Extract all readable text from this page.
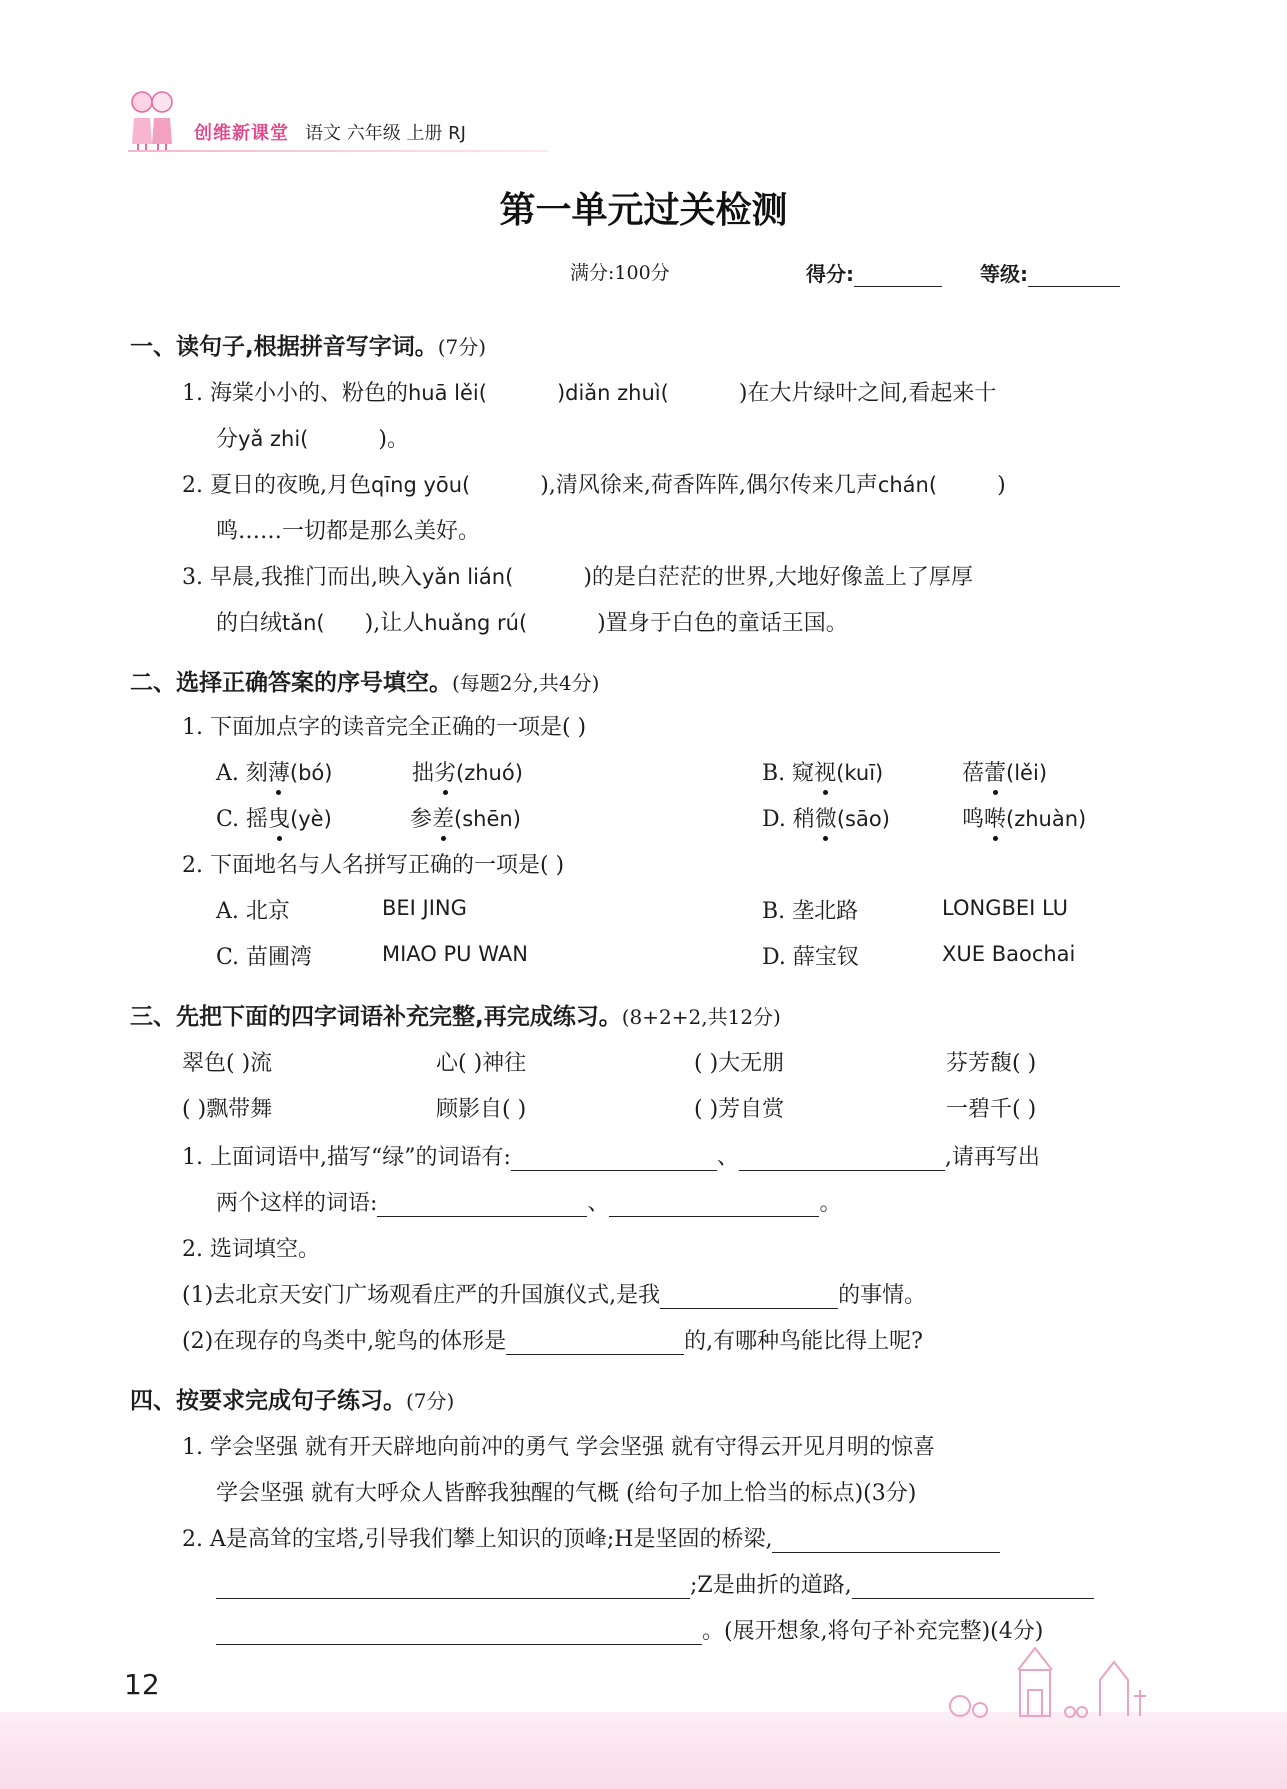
创维新课堂 语文 六年级 上册 RJ
第一单元过关检测
满分:100分	得分:	等级:
一、读句子,根据拼音写字词。(7分)
1. 海棠小小的、粉色的huā lěi(	)diǎn zhuì(	)在大片绿叶之间,看起来十
分yǎ zhi(	)。
2. 夏日的夜晚,月色qīng yōu(	),清风徐来,荷香阵阵,偶尔传来几声chán(	)
鸣……一切都是那么美好。
3. 早晨,我推门而出,映入yǎn lián(	)的是白茫茫的世界,大地好像盖上了厚厚
的白绒tǎn( ),让人huǎng rú(	)置身于白色的童话王国。
二、选择正确答案的序号填空。(每题2分,共4分)
1. 下面加点字的读音完全正确的一项是( )
A. 刻薄(bó)	拙劣(zhuó)	B. 窥视(kuī)	蓓蕾(lěi)
C. 摇曳(yè)	参差(shēn)	D. 稍微(sāo)	鸣啭(zhuàn)
2. 下面地名与人名拼写正确的一项是( )
A. 北京	BEI JING	B. 垄北路	LONGBEI LU
C. 苗圃湾	MIAO PU WAN	D. 薛宝钗	XUE Baochai
三、先把下面的四字词语补充完整,再完成练习。(8+2+2,共12分)
翠色( )流	心( )神往	( )大无朋	芬芳馥( )
( )飘带舞	顾影自( )	( )芳自赏	一碧千( )
1. 上面词语中,描写“绿”的词语有:	、	,请再写出
两个这样的词语:	、	。
2. 选词填空。
(1)去北京天安门广场观看庄严的升国旗仪式,是我	的事情。
(2)在现存的鸟类中,鸵鸟的体形是	的,有哪种鸟能比得上呢?
四、按要求完成句子练习。(7分)
1. 学会坚强 就有开天辟地向前冲的勇气 学会坚强 就有守得云开见月明的惊喜
学会坚强 就有大呼众人皆醉我独醒的气概 (给句子加上恰当的标点)(3分)
2. A是高耸的宝塔,引导我们攀上知识的顶峰;H是坚固的桥梁,
;Z是曲折的道路,
。(展开想象,将句子补充完整)(4分)
12
